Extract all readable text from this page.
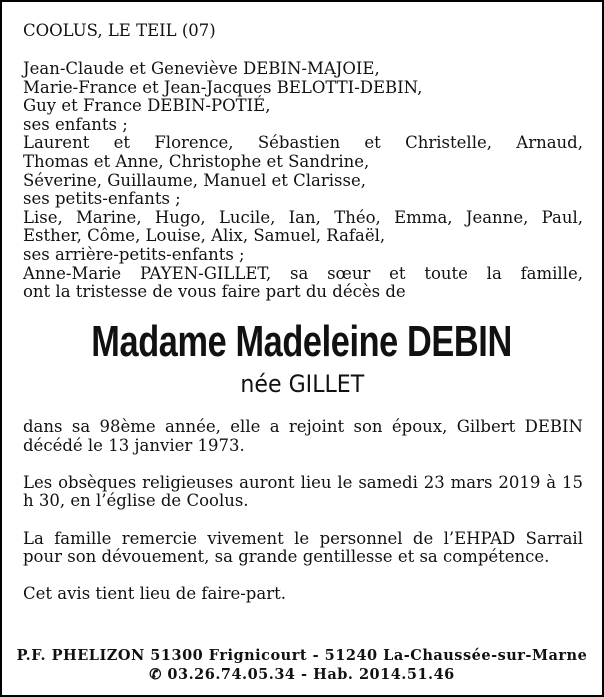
COOLUS, LE TEIL (07)

Jean-Claude et Geneviève DEBIN-MAJOIE,

Marie-France et Jean-Jacques BELOTTI-DEBIN,

Guy et France DEBIN-POTIÉ,

ses enfants ;

Laurent et Florence, Sébastien et Christelle, Arnaud,

Thomas et Anne, Christophe et Sandrine,

Séverine, Guillaume, Manuel et Clarisse,

ses petits-enfants ;

Lise, Marine, Hugo, Lucile, Ian, Théo, Emma, Jeanne, Paul,

Esther, Côme, Louise, Alix, Samuel, Rafaël,

ses arrière-petits-enfants ;

Anne-Marie PAYEN-GILLET, sa sœur et toute la famille,

ont la tristesse de vous faire part du décès de

Madame Madeleine DEBIN
née GILLET

dans sa 98ème année, elle a rejoint son époux, Gilbert DEBIN décédé le 13 janvier 1973.

Les obsèques religieuses auront lieu le samedi 23 mars 2019 à 15 h 30, en l’église de Coolus.

La famille remercie vivement le personnel de l’EHPAD Sarrail pour son dévouement, sa grande gentillesse et sa compétence.

Cet avis tient lieu de faire-part.

P.F. PHELIZON 51300 Frignicourt - 51240 La-Chaussée-sur-Marne
✆ 03.26.74.05.34 - Hab. 2014.51.46
